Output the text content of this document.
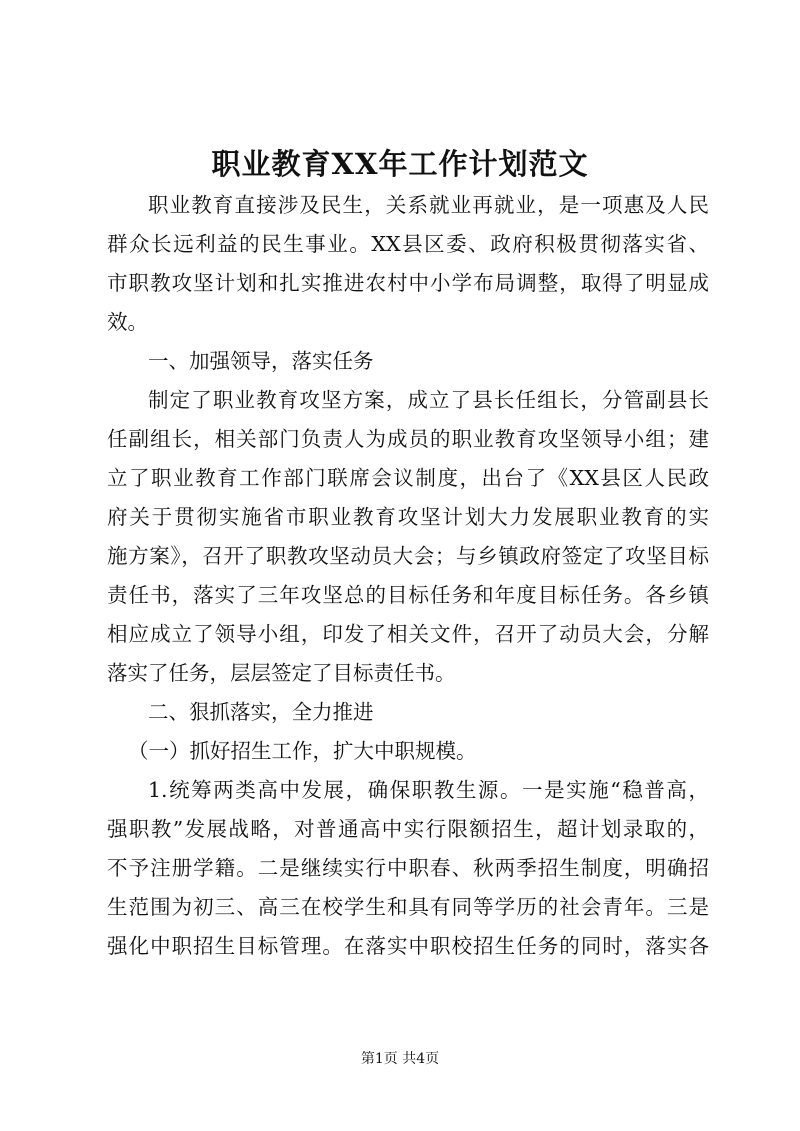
职业教育XX年工作计划范文
职业教育直接涉及民生，关系就业再就业，是一项惠及人民
群众长远利益的民生事业。XX县区委、政府积极贯彻落实省、
市职教攻坚计划和扎实推进农村中小学布局调整，取得了明显成
效。
一、加强领导，落实任务
制定了职业教育攻坚方案，成立了县长任组长，分管副县长
任副组长，相关部门负责人为成员的职业教育攻坚领导小组；建
立了职业教育工作部门联席会议制度，出台了《XX县区人民政
府关于贯彻实施省市职业教育攻坚计划大力发展职业教育的实
施方案》，召开了职教攻坚动员大会；与乡镇政府签定了攻坚目标
责任书，落实了三年攻坚总的目标任务和年度目标任务。各乡镇
相应成立了领导小组，印发了相关文件，召开了动员大会，分解
落实了任务，层层签定了目标责任书。
二、狠抓落实，全力推进
（一）抓好招生工作，扩大中职规模。
1.统筹两类高中发展，确保职教生源。一是实施“稳普高，
强职教”发展战略，对普通高中实行限额招生，超计划录取的，
不予注册学籍。二是继续实行中职春、秋两季招生制度，明确招
生范围为初三、高三在校学生和具有同等学历的社会青年。三是
强化中职招生目标管理。在落实中职校招生任务的同时，落实各
第1页 共4页
